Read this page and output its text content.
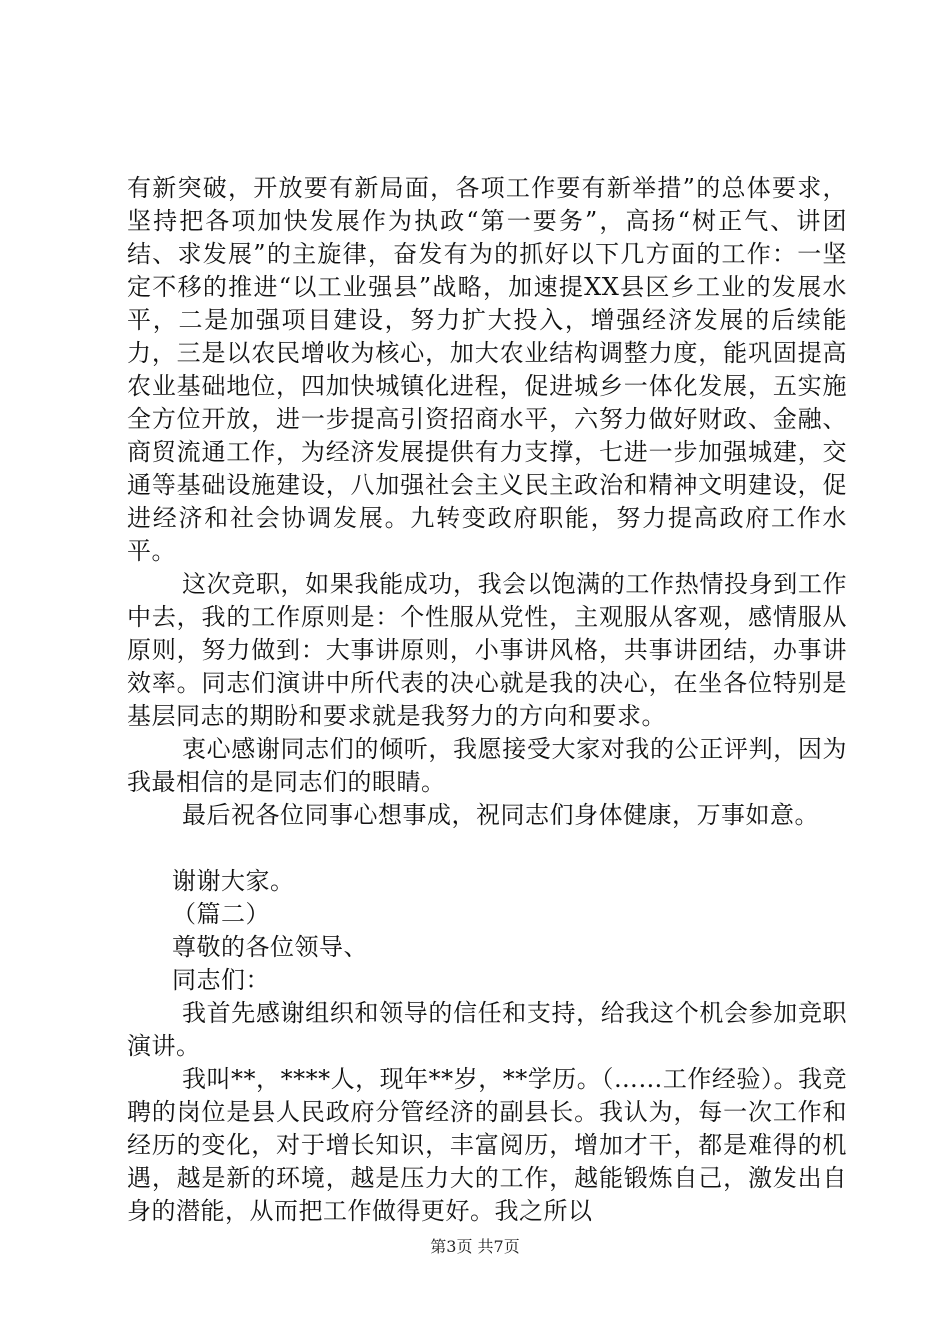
有新突破，开放要有新局面，各项工作要有新举措”的总体要求，坚持把各项加快发展作为执政“第一要务”，高扬“树正气、讲团结、求发展”的主旋律，奋发有为的抓好以下几方面的工作：一坚定不移的推进“以工业强县”战略，加速提XX县区乡工业的发展水平，二是加强项目建设，努力扩大投入，增强经济发展的后续能力，三是以农民增收为核心，加大农业结构调整力度，能巩固提高农业基础地位，四加快城镇化进程，促进城乡一体化发展，五实施全方位开放，进一步提高引资招商水平，六努力做好财政、金融、商贸流通工作，为经济发展提供有力支撑，七进一步加强城建，交通等基础设施建设，八加强社会主义民主政治和精神文明建设，促进经济和社会协调发展。九转变政府职能，努力提高政府工作水平。

这次竞职，如果我能成功，我会以饱满的工作热情投身到工作中去，我的工作原则是：个性服从党性，主观服从客观，感情服从原则，努力做到：大事讲原则，小事讲风格，共事讲团结，办事讲效率。同志们演讲中所代表的决心就是我的决心，在坐各位特别是基层同志的期盼和要求就是我努力的方向和要求。

衷心感谢同志们的倾听，我愿接受大家对我的公正评判，因为我最相信的是同志们的眼睛。

最后祝各位同事心想事成，祝同志们身体健康，万事如意。

谢谢大家。

（篇二）

尊敬的各位领导、

同志们：

我首先感谢组织和领导的信任和支持，给我这个机会参加竞职演讲。

我叫**，****人，现年**岁，**学历。（……工作经验）。我竞聘的岗位是县人民政府分管经济的副县长。我认为，每一次工作和经历的变化，对于增长知识，丰富阅历，增加才干，都是难得的机遇，越是新的环境，越是压力大的工作，越能锻炼自己，激发出自身的潜能，从而把工作做得更好。我之所以

第3页 共7页
